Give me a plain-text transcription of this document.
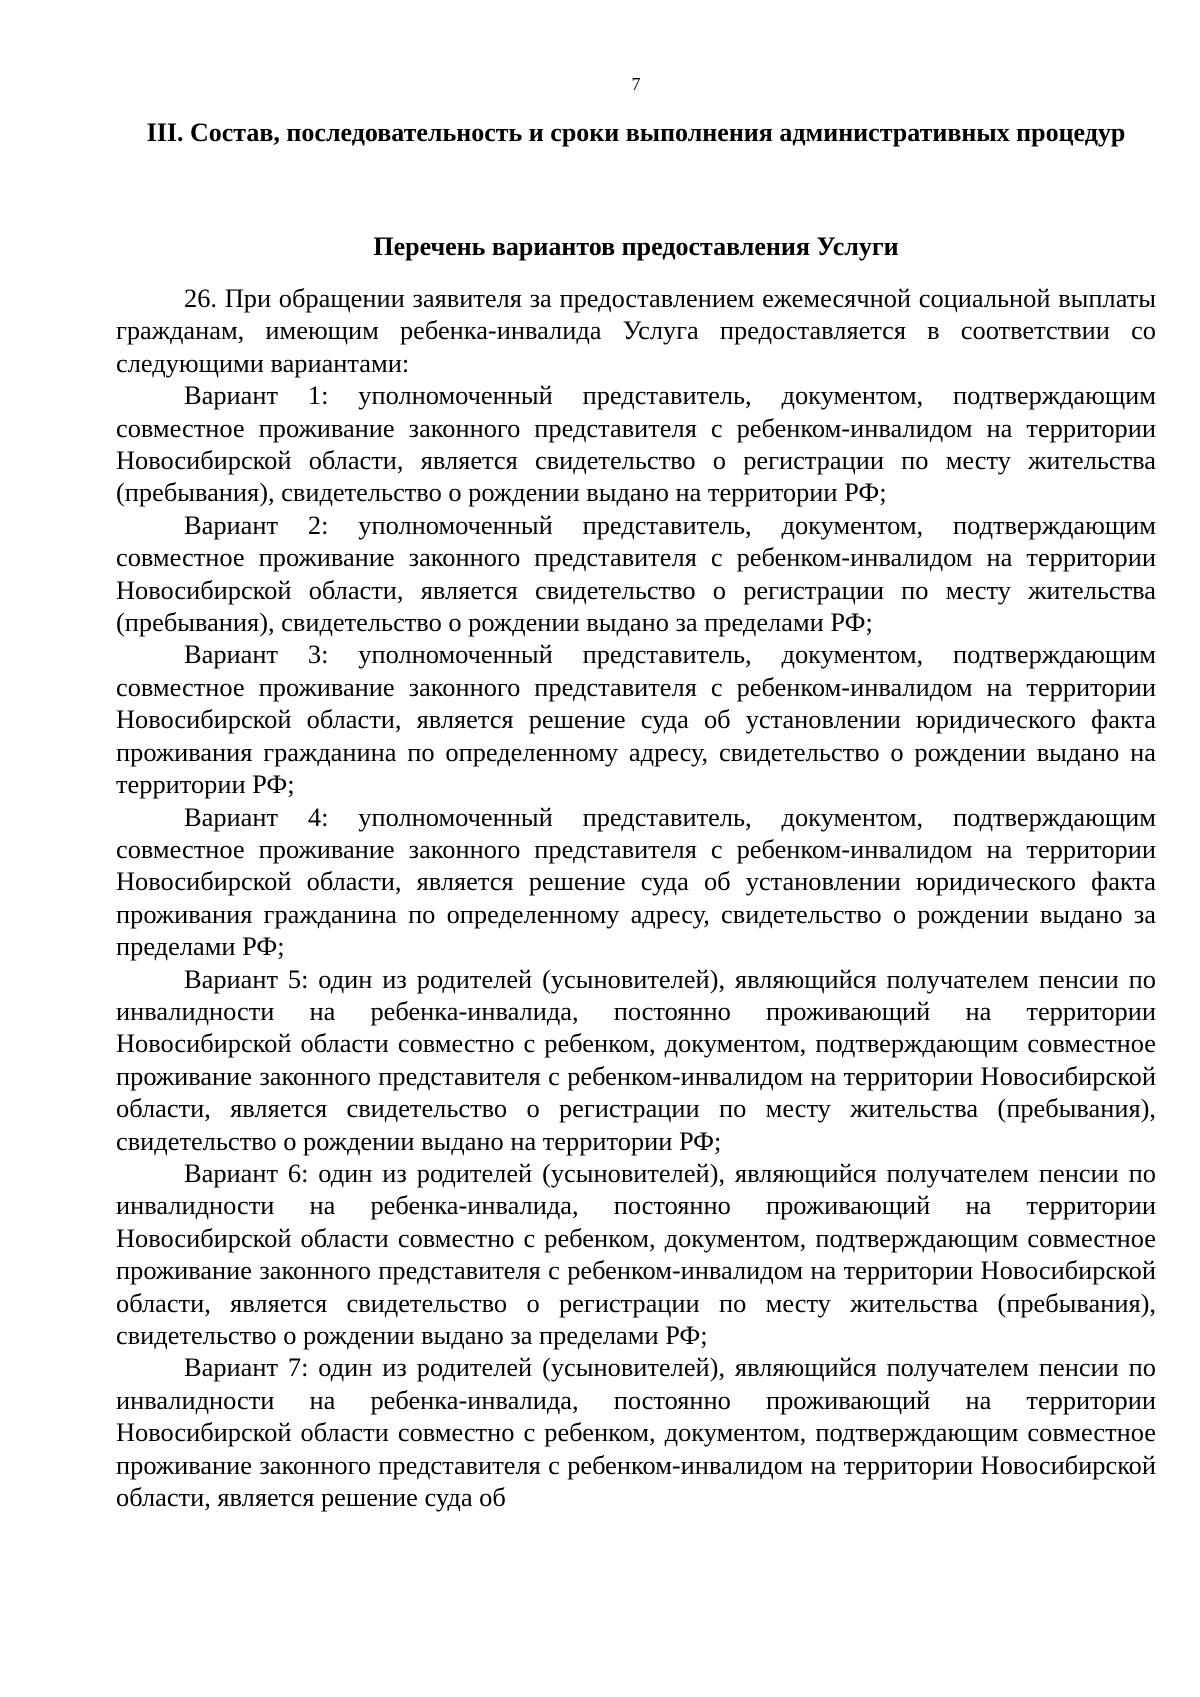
7
III. Состав, последовательность и сроки выполнения административных процедур
Перечень вариантов предоставления Услуги

26. При обращении заявителя за предоставлением ежемесячной социальной выплаты гражданам, имеющим ребенка-инвалида Услуга предоставляется в соответствии со следующими вариантами:

Вариант 1: уполномоченный представитель, документом, подтверждающим совместное проживание законного представителя с ребенком-инвалидом на территории Новосибирской области, является свидетельство о регистрации по месту жительства (пребывания), свидетельство о рождении выдано на территории РФ;

Вариант 2: уполномоченный представитель, документом, подтверждающим совместное проживание законного представителя с ребенком-инвалидом на территории Новосибирской области, является свидетельство о регистрации по месту жительства (пребывания), свидетельство о рождении выдано за пределами РФ;

Вариант 3: уполномоченный представитель, документом, подтверждающим совместное проживание законного представителя с ребенком-инвалидом на территории Новосибирской области, является решение суда об установлении юридического факта проживания гражданина по определенному адресу, свидетельство о рождении выдано на территории РФ;

Вариант 4: уполномоченный представитель, документом, подтверждающим совместное проживание законного представителя с ребенком-инвалидом на территории Новосибирской области, является решение суда об установлении юридического факта проживания гражданина по определенному адресу, свидетельство о рождении выдано за пределами РФ;

Вариант 5: один из родителей (усыновителей), являющийся получателем пенсии по инвалидности на ребенка-инвалида, постоянно проживающий на территории Новосибирской области совместно с ребенком, документом, подтверждающим совместное проживание законного представителя с ребенком-инвалидом на территории Новосибирской области, является свидетельство о регистрации по месту жительства (пребывания), свидетельство о рождении выдано на территории РФ;

Вариант 6: один из родителей (усыновителей), являющийся получателем пенсии по инвалидности на ребенка-инвалида, постоянно проживающий на территории Новосибирской области совместно с ребенком, документом, подтверждающим совместное проживание законного представителя с ребенком-инвалидом на территории Новосибирской области, является свидетельство о регистрации по месту жительства (пребывания), свидетельство о рождении выдано за пределами РФ;

Вариант 7: один из родителей (усыновителей), являющийся получателем пенсии по инвалидности на ребенка-инвалида, постоянно проживающий на территории Новосибирской области совместно с ребенком, документом, подтверждающим совместное проживание законного представителя с ребенком-инвалидом на территории Новосибирской области, является решение суда об
